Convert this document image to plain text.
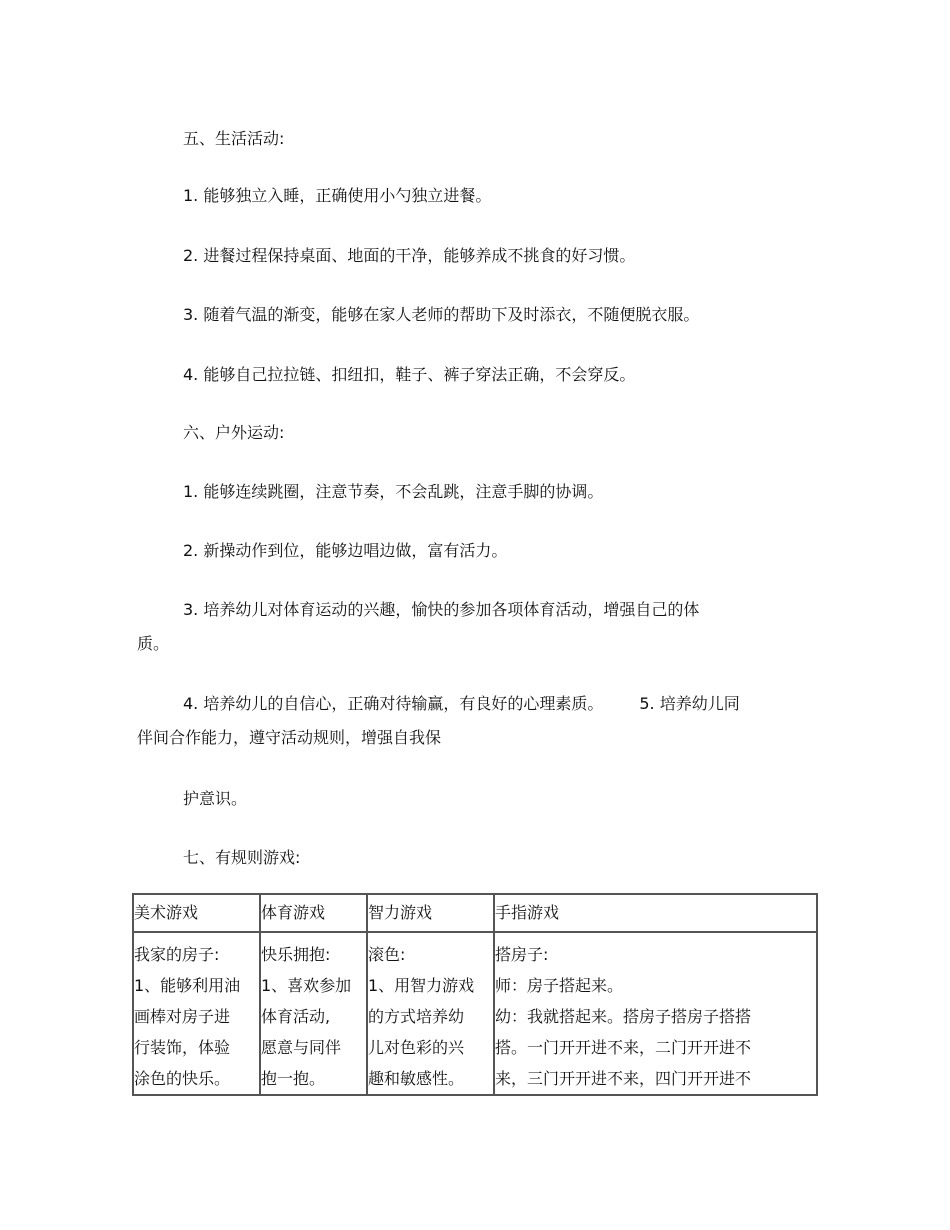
五、生活活动:
1. 能够独立入睡，正确使用小勺独立进餐。
2. 进餐过程保持桌面、地面的干净，能够养成不挑食的好习惯。
3. 随着气温的渐变，能够在家人老师的帮助下及时添衣，不随便脱衣服。
4. 能够自己拉拉链、扣纽扣，鞋子、裤子穿法正确，不会穿反。
六、户外运动:
1. 能够连续跳圈，注意节奏，不会乱跳，注意手脚的协调。
2. 新操动作到位，能够边唱边做，富有活力。
3. 培养幼儿对体育运动的兴趣，愉快的参加各项体育活动，增强自己的体
质。
4. 培养幼儿的自信心，正确对待输赢，有良好的心理素质。 5. 培养幼儿同
伴间合作能力，遵守活动规则，增强自我保
护意识。
七、有规则游戏:
美术游戏	体育游戏	智力游戏	手指游戏

我家的房子:
1、能够利用油
画棒对房子进
行装饰，体验
涂色的快乐。	快乐拥抱:
1、喜欢参加
体育活动,
愿意与同伴
抱一抱。	滚色:
1、用智力游戏
的方式培养幼
儿对色彩的兴
趣和敏感性。	搭房子:
师：房子搭起来。
幼：我就搭起来。搭房子搭房子搭搭
搭。一门开开进不来，二门开开进不
来，三门开开进不来，四门开开进不
